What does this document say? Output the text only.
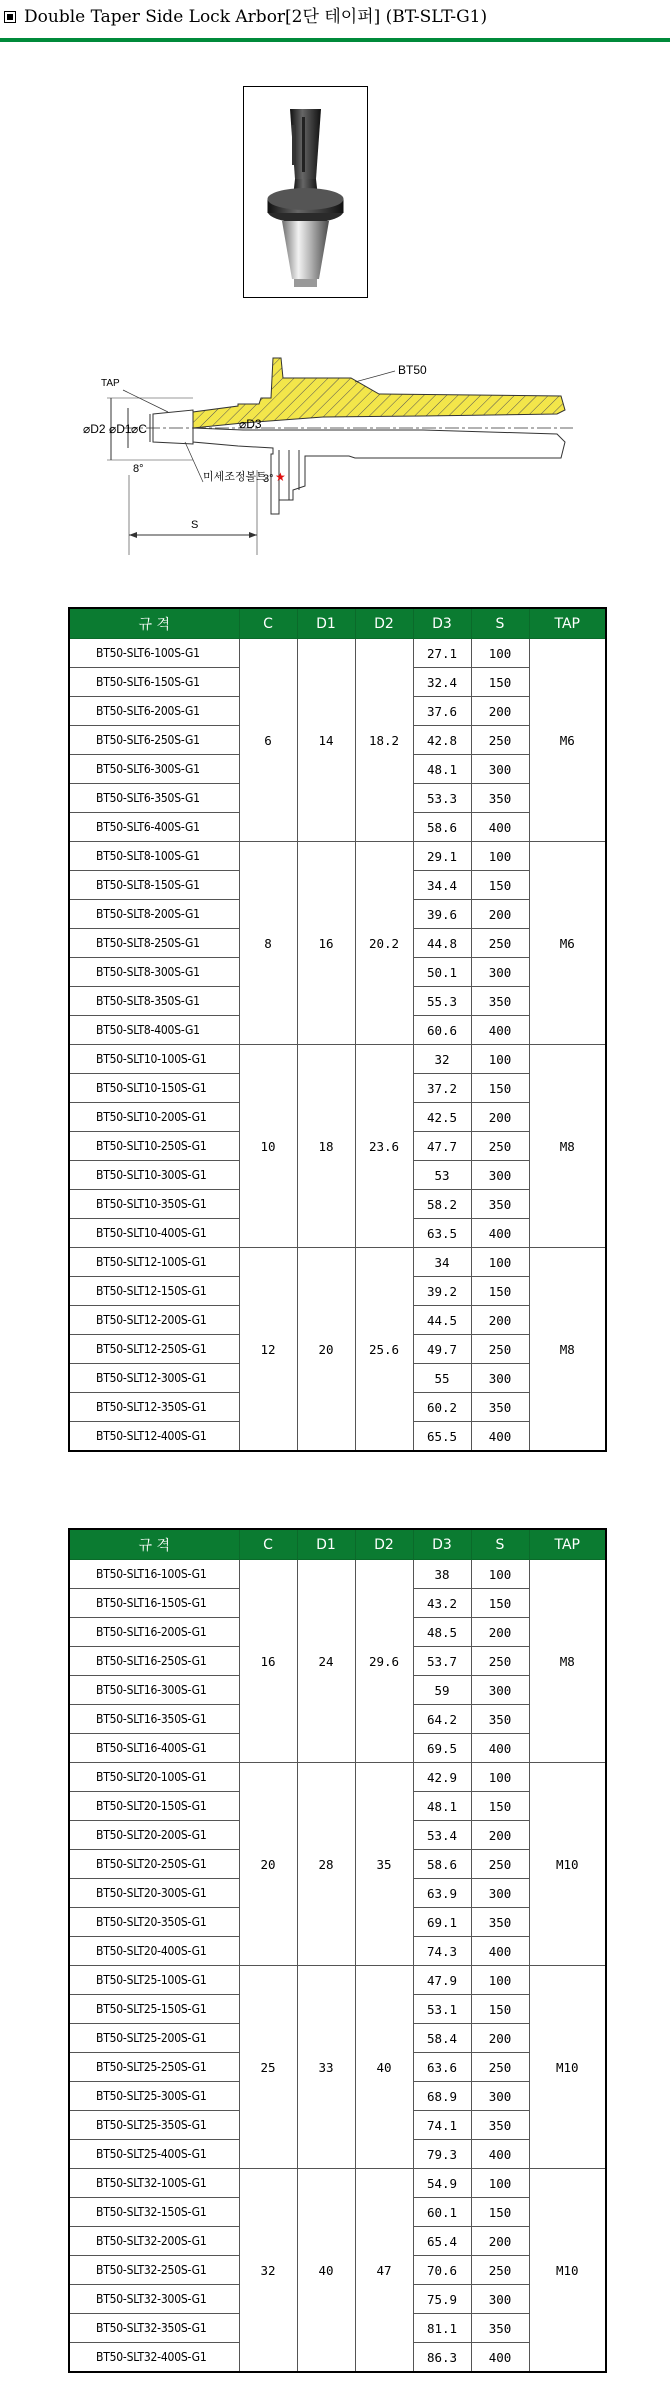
Double Taper Side Lock Arbor[2단 테이퍼] (BT-SLT-G1)
TAP
BT50
⌀D2 ⌀D1 ⌀C	⌀D3
8°
3°
미세조정볼트 ★
S
규 격	C	D1	D2	D3	S	TAP
BT50-SLT6-100S-G1	6	14	18.2	27.1	100	M6
BT50-SLT6-150S-G1				32.4	150	
BT50-SLT6-200S-G1				37.6	200	
BT50-SLT6-250S-G1				42.8	250	
BT50-SLT6-300S-G1				48.1	300	
BT50-SLT6-350S-G1				53.3	350	
BT50-SLT6-400S-G1				58.6	400	
BT50-SLT8-100S-G1	8	16	20.2	29.1	100	M6
BT50-SLT8-150S-G1				34.4	150	
BT50-SLT8-200S-G1				39.6	200	
BT50-SLT8-250S-G1				44.8	250	
BT50-SLT8-300S-G1				50.1	300	
BT50-SLT8-350S-G1				55.3	350	
BT50-SLT8-400S-G1				60.6	400	
BT50-SLT10-100S-G1	10	18	23.6	32	100	M8
BT50-SLT10-150S-G1				37.2	150	
BT50-SLT10-200S-G1				42.5	200	
BT50-SLT10-250S-G1				47.7	250	
BT50-SLT10-300S-G1				53	300	
BT50-SLT10-350S-G1				58.2	350	
BT50-SLT10-400S-G1				63.5	400	
BT50-SLT12-100S-G1	12	20	25.6	34	100	M8
BT50-SLT12-150S-G1				39.2	150	
BT50-SLT12-200S-G1				44.5	200	
BT50-SLT12-250S-G1				49.7	250	
BT50-SLT12-300S-G1				55	300	
BT50-SLT12-350S-G1				60.2	350	
BT50-SLT12-400S-G1				65.5	400	
규 격	C	D1	D2	D3	S	TAP
BT50-SLT16-100S-G1	16	24	29.6	38	100	M8
BT50-SLT16-150S-G1				43.2	150	
BT50-SLT16-200S-G1				48.5	200	
BT50-SLT16-250S-G1				53.7	250	
BT50-SLT16-300S-G1				59	300	
BT50-SLT16-350S-G1				64.2	350	
BT50-SLT16-400S-G1				69.5	400	
BT50-SLT20-100S-G1	20	28	35	42.9	100	M10
BT50-SLT20-150S-G1				48.1	150	
BT50-SLT20-200S-G1				53.4	200	
BT50-SLT20-250S-G1				58.6	250	
BT50-SLT20-300S-G1				63.9	300	
BT50-SLT20-350S-G1				69.1	350	
BT50-SLT20-400S-G1				74.3	400	
BT50-SLT25-100S-G1	25	33	40	47.9	100	M10
BT50-SLT25-150S-G1				53.1	150	
BT50-SLT25-200S-G1				58.4	200	
BT50-SLT25-250S-G1				63.6	250	
BT50-SLT25-300S-G1				68.9	300	
BT50-SLT25-350S-G1				74.1	350	
BT50-SLT25-400S-G1				79.3	400	
BT50-SLT32-100S-G1	32	40	47	54.9	100	M10
BT50-SLT32-150S-G1				60.1	150	
BT50-SLT32-200S-G1				65.4	200	
BT50-SLT32-250S-G1				70.6	250	
BT50-SLT32-300S-G1				75.9	300	
BT50-SLT32-350S-G1				81.1	350	
BT50-SLT32-400S-G1				86.3	400	
